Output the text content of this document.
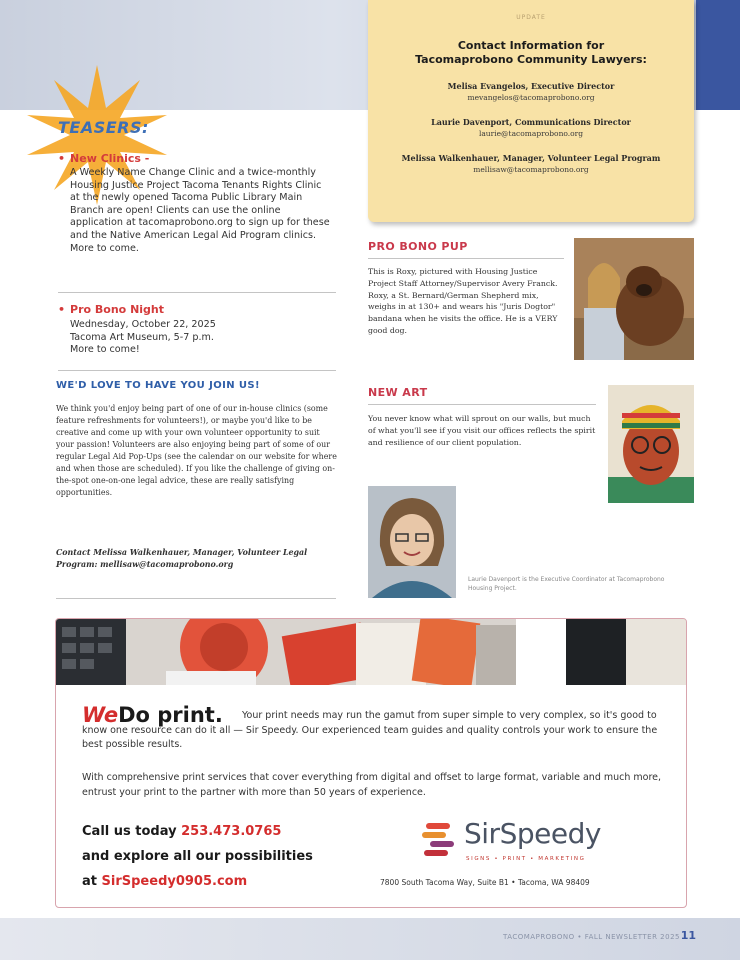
UPDATE
Contact Information for
Tacomaprobono Community Lawyers:
Melisa Evangelos, Executive Director
mevangelos@tacomaprobono.org
Laurie Davenport, Communications Director
laurie@tacomaprobono.org
Melissa Walkenhauer, Manager, Volunteer Legal Program
mellisaw@tacomaprobono.org
TEASERS:
• New Clinics -
A Weekly Name Change Clinic and a twice-monthly Housing Justice Project Tacoma Tenants Rights Clinic at the newly opened Tacoma Public Library Main Branch are open! Clients can use the online application at tacomaprobono.org to sign up for these and the Native American Legal Aid Program clinics. More to come.
• Pro Bono Night
Wednesday, October 22, 2025
Tacoma Art Museum, 5-7 p.m.
More to come!
WE'D LOVE TO HAVE YOU JOIN US!
We think you'd enjoy being part of one of our in-house clinics (some feature refreshments for volunteers!), or maybe you'd like to be creative and come up with your own volunteer opportunity to suit your passion! Volunteers are also enjoying being part of some of our regular Legal Aid Pop-Ups (see the calendar on our website for where and when those are scheduled). If you like the challenge of giving on-the-spot one-on-one legal advice, these are really satisfying opportunities.
Contact Melissa Walkenhauer, Manager, Volunteer Legal Program: mellisaw@tacomaprobono.org
PRO BONO PUP
This is Roxy, pictured with Housing Justice Project Staff Attorney/Supervisor Avery Franck. Roxy, a St. Bernard/German Shepherd mix, weighs in at 130+ and wears his "Juris Dogtor" bandana when he visits the office. He is a VERY good dog.
NEW ART
You never know what will sprout on our walls, but much of what you'll see if you visit our offices reflects the spirit and resilience of our client population.
Laurie Davenport is the Executive Coordinator at Tacomaprobono Housing Project.
WeDo print.	Your print needs may run the gamut from super simple to very complex, so it's good to know one resource can do it all — Sir Speedy. Our experienced team guides and quality controls your work to ensure the best possible results.
With comprehensive print services that cover everything from digital and offset to large format, variable and much more, entrust your print to the partner with more than 50 years of experience.
Call us today 253.473.0765
and explore all our possibilities
at SirSpeedy0905.com
SirSpeedy
SIGNS • PRINT • MARKETING
7800 South Tacoma Way, Suite B1 • Tacoma, WA 98409
TACOMAPROBONO • FALL NEWSLETTER 2025 11
